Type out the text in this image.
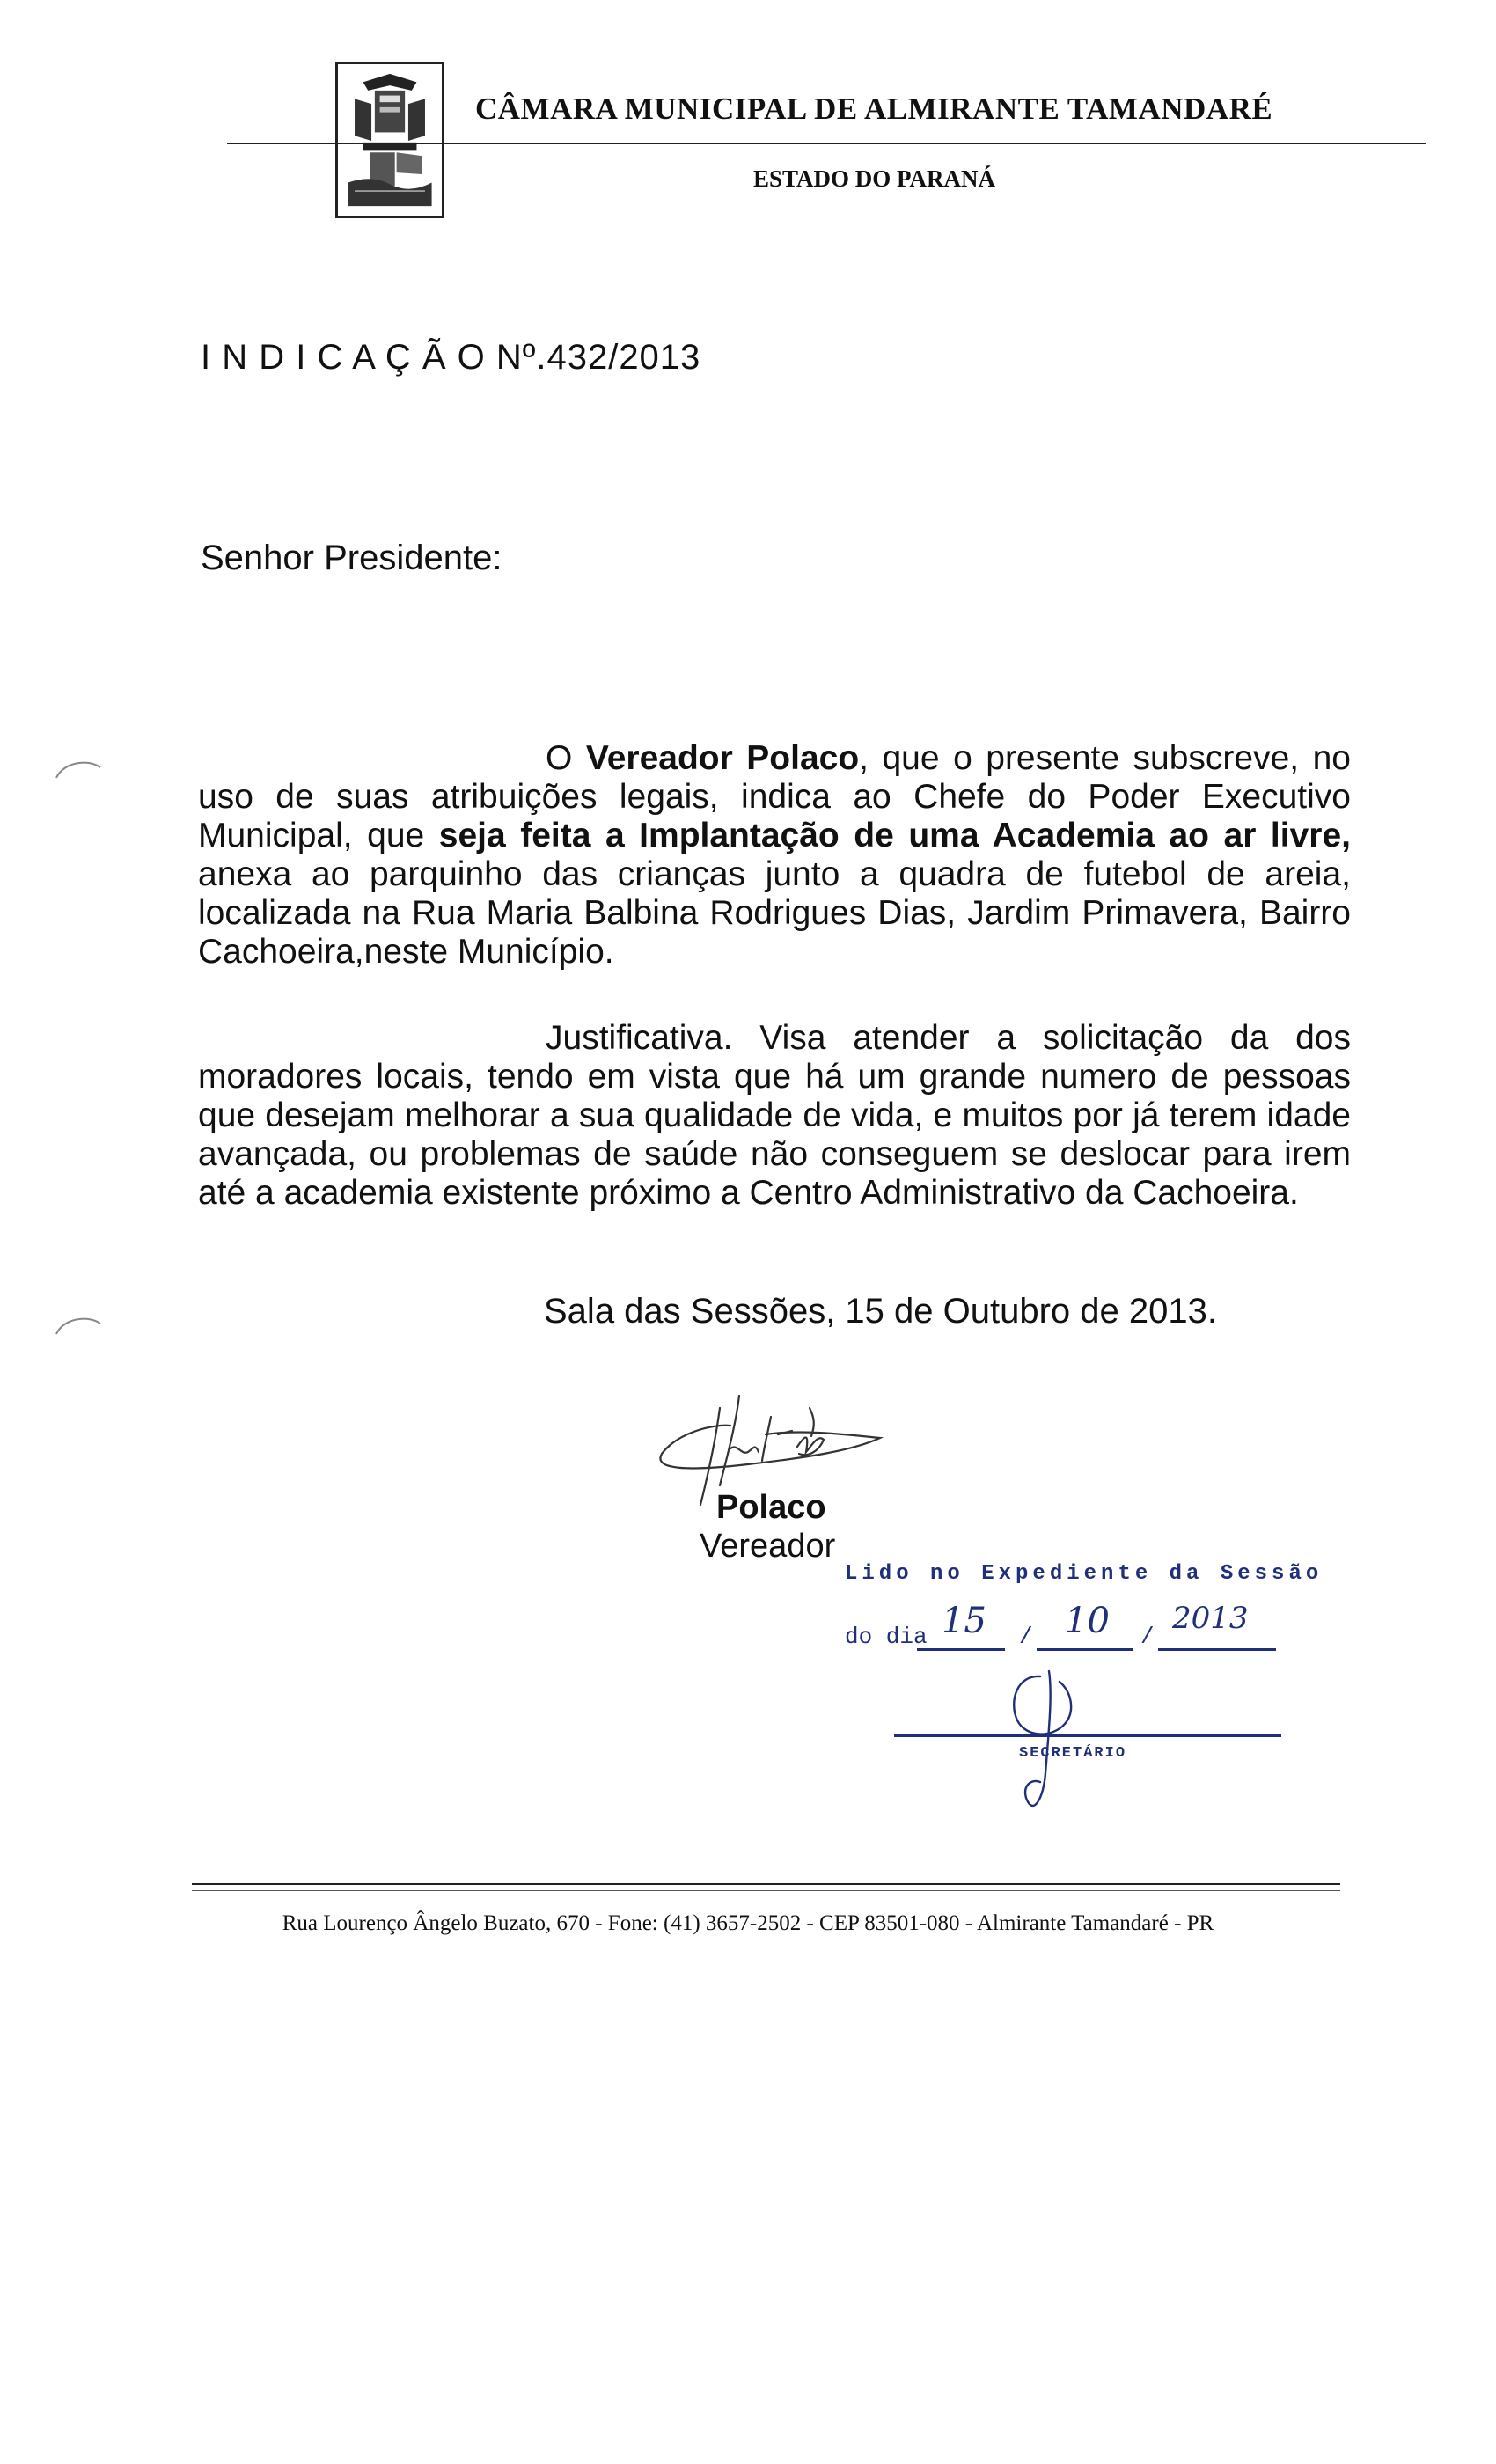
CÂMARA MUNICIPAL DE ALMIRANTE TAMANDARÉ
ESTADO DO PARANÁ
I N D I C A Ç Ã O Nº.432/2013
Senhor Presidente:
O Vereador Polaco, que o presente subscreve, no uso de suas atribuições legais, indica ao Chefe do Poder Executivo Municipal, que seja feita a Implantação de uma Academia ao ar livre, anexa ao parquinho das crianças junto a quadra de futebol de areia, localizada na Rua Maria Balbina Rodrigues Dias, Jardim Primavera, Bairro Cachoeira,neste Município.
Justificativa. Visa atender a solicitação da dos moradores locais, tendo em vista que há um grande numero de pessoas que desejam melhorar a sua qualidade de vida, e muitos por já terem idade avançada, ou problemas de saúde não conseguem se deslocar para irem até a academia existente próximo a Centro Administrativo da Cachoeira.
Sala das Sessões, 15 de Outubro de 2013.
Polaco
Vereador
Lido no Expediente da Sessão
do dia 15 / 10 /
2013
SECRETÁRIO
Rua Lourenço Ângelo Buzato, 670 - Fone: (41) 3657-2502 - CEP 83501-080 - Almirante Tamandaré - PR
